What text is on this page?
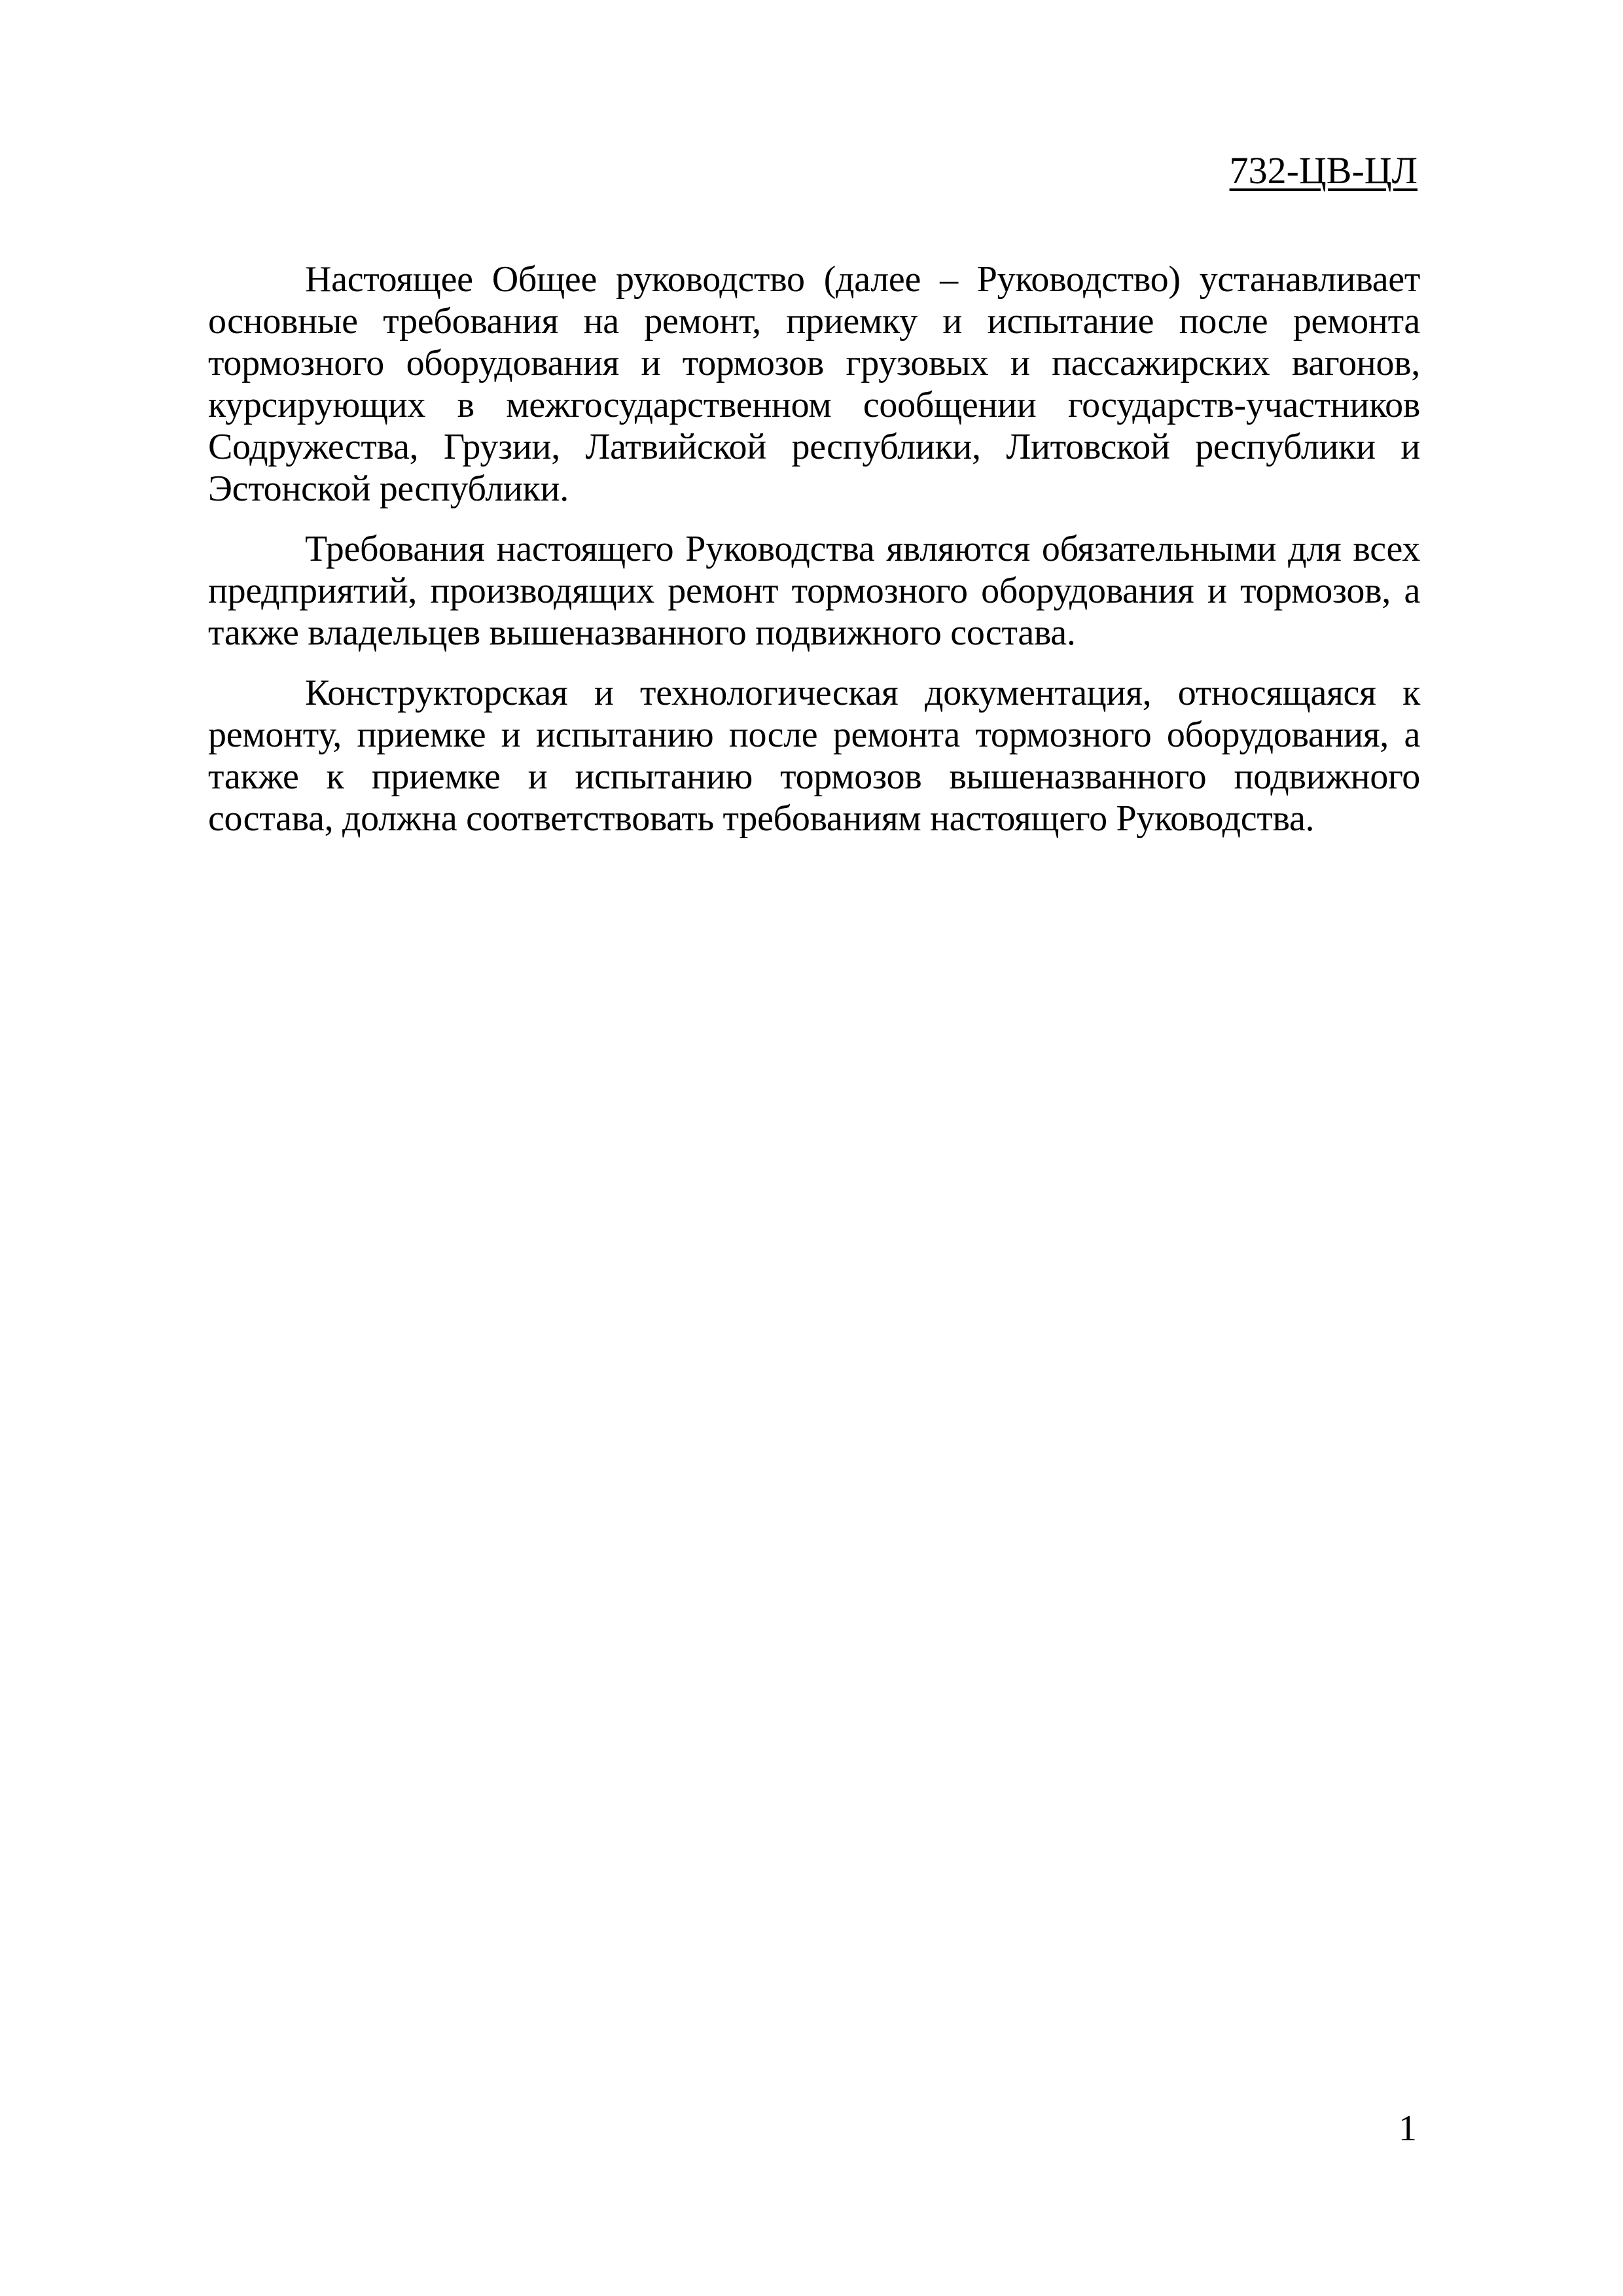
732-ЦВ-ЦЛ

Настоящее Общее руководство (далее – Руководство) устанавливает основные требования на ремонт, приемку и испытание после ремонта тормозного оборудования и тормозов грузовых и пассажирских вагонов, курсирующих в межгосударственном сообщении государств-участников Содружества, Грузии, Латвийской республики, Литовской республики и Эстонской республики.

Требования настоящего Руководства являются обязательными для всех предприятий, производящих ремонт тормозного оборудования и тормозов, а также владельцев вышеназванного подвижного состава.

Конструкторская и технологическая документация, относящаяся к ремонту, приемке и испытанию после ремонта тормозного оборудования, а также к приемке и испытанию тормозов вышеназванного подвижного состава, должна соответствовать требованиям настоящего Руководства.

1
